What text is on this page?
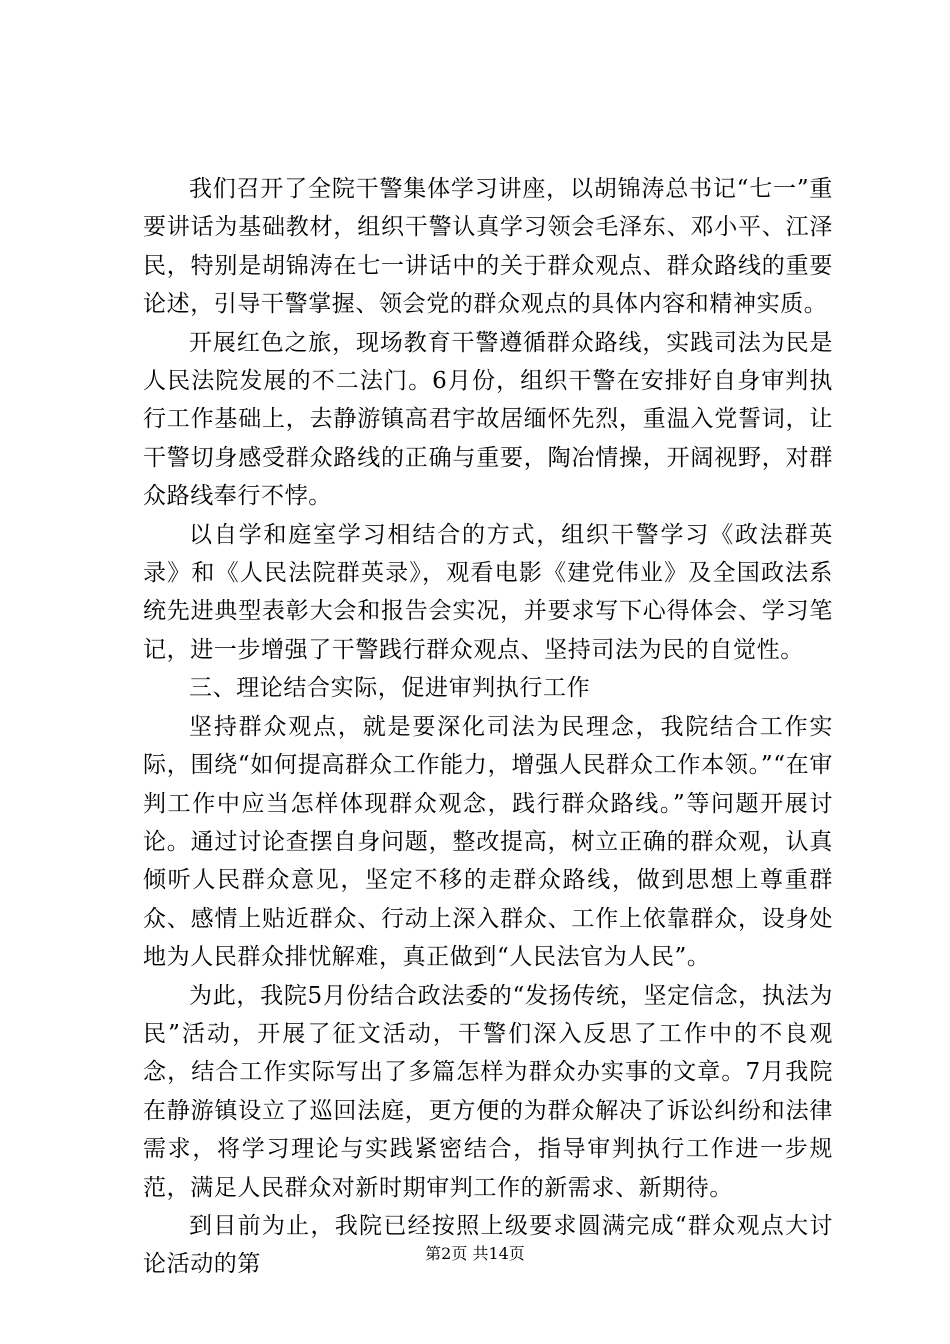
我们召开了全院干警集体学习讲座，以胡锦涛总书记“七一”重要讲话为基础教材，组织干警认真学习领会毛泽东、邓小平、江泽民，特别是胡锦涛在七一讲话中的关于群众观点、群众路线的重要论述，引导干警掌握、领会党的群众观点的具体内容和精神实质。

开展红色之旅，现场教育干警遵循群众路线，实践司法为民是人民法院发展的不二法门。6月份，组织干警在安排好自身审判执行工作基础上，去静游镇高君宇故居缅怀先烈，重温入党誓词，让干警切身感受群众路线的正确与重要，陶冶情操，开阔视野，对群众路线奉行不悖。

以自学和庭室学习相结合的方式，组织干警学习《政法群英录》和《人民法院群英录》，观看电影《建党伟业》及全国政法系统先进典型表彰大会和报告会实况，并要求写下心得体会、学习笔记，进一步增强了干警践行群众观点、坚持司法为民的自觉性。

三、理论结合实际，促进审判执行工作

坚持群众观点，就是要深化司法为民理念，我院结合工作实际，围绕“如何提高群众工作能力，增强人民群众工作本领。”“在审判工作中应当怎样体现群众观念，践行群众路线。”等问题开展讨论。通过讨论查摆自身问题，整改提高，树立正确的群众观，认真倾听人民群众意见，坚定不移的走群众路线，做到思想上尊重群众、感情上贴近群众、行动上深入群众、工作上依靠群众，设身处地为人民群众排忧解难，真正做到“人民法官为人民”。

为此，我院5月份结合政法委的“发扬传统，坚定信念，执法为民”活动，开展了征文活动，干警们深入反思了工作中的不良观念，结合工作实际写出了多篇怎样为群众办实事的文章。7月我院在静游镇设立了巡回法庭，更方便的为群众解决了诉讼纠纷和法律需求，将学习理论与实践紧密结合，指导审判执行工作进一步规范，满足人民群众对新时期审判工作的新需求、新期待。

到目前为止，我院已经按照上级要求圆满完成“群众观点大讨论活动的第	第2页 共14页
